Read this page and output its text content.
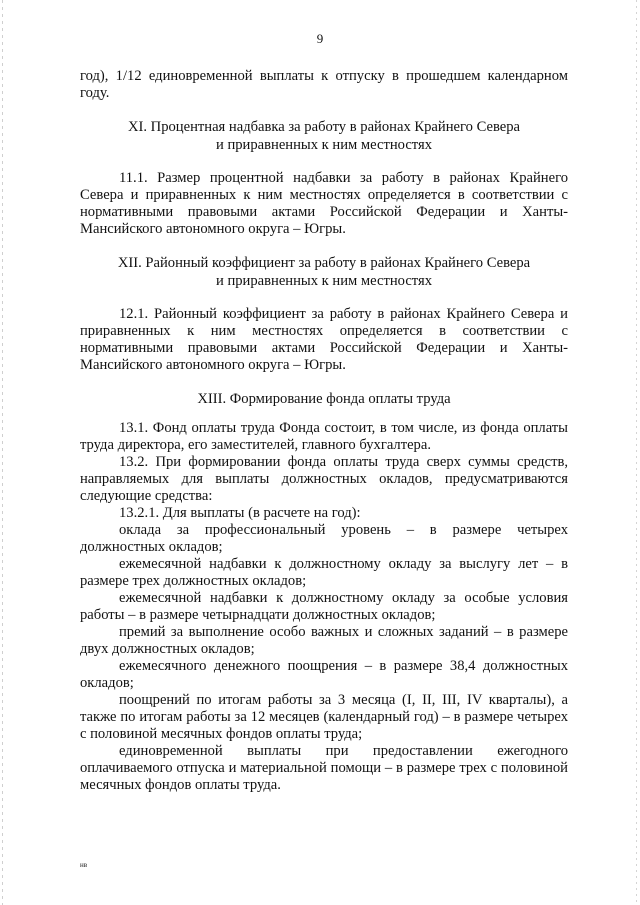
9

год), 1/12 единовременной выплаты к отпуску в прошедшем календарном году.

XI. Процентная надбавка за работу в районах Крайнего Севера

и приравненных к ним местностях

11.1. Размер процентной надбавки за работу в районах Крайнего Севера и приравненных к ним местностях определяется в соответствии с нормативными правовыми актами Российской Федерации и Ханты-Мансийского автономного округа – Югры.

XII. Районный коэффициент за работу в районах Крайнего Севера

и приравненных к ним местностях

12.1. Районный коэффициент за работу в районах Крайнего Севера и приравненных к ним местностях определяется в соответствии с нормативными правовыми актами Российской Федерации и Ханты-Мансийского автономного округа – Югры.

XIII. Формирование фонда оплаты труда

13.1. Фонд оплаты труда Фонда состоит, в том числе, из фонда оплаты труда директора, его заместителей, главного бухгалтера.

13.2. При формировании фонда оплаты труда сверх суммы средств, направляемых для выплаты должностных окладов, предусматриваются следующие средства:

13.2.1. Для выплаты (в расчете на год):

оклада за профессиональный уровень – в размере четырех должностных окладов;

ежемесячной надбавки к должностному окладу за выслугу лет – в размере трех должностных окладов;

ежемесячной надбавки к должностному окладу за особые условия работы – в размере четырнадцати должностных окладов;

премий за выполнение особо важных и сложных заданий – в размере двух должностных окладов;

ежемесячного денежного поощрения – в размере 38,4 должностных окладов;

поощрений по итогам работы за 3 месяца (I, II, III, IV кварталы), а также по итогам работы за 12 месяцев (календарный год) – в размере четырех с половиной месячных фондов оплаты труда;

единовременной выплаты при предоставлении ежегодного оплачиваемого отпуска и материальной помощи – в размере трех с половиной месячных фондов оплаты труда.

нв
